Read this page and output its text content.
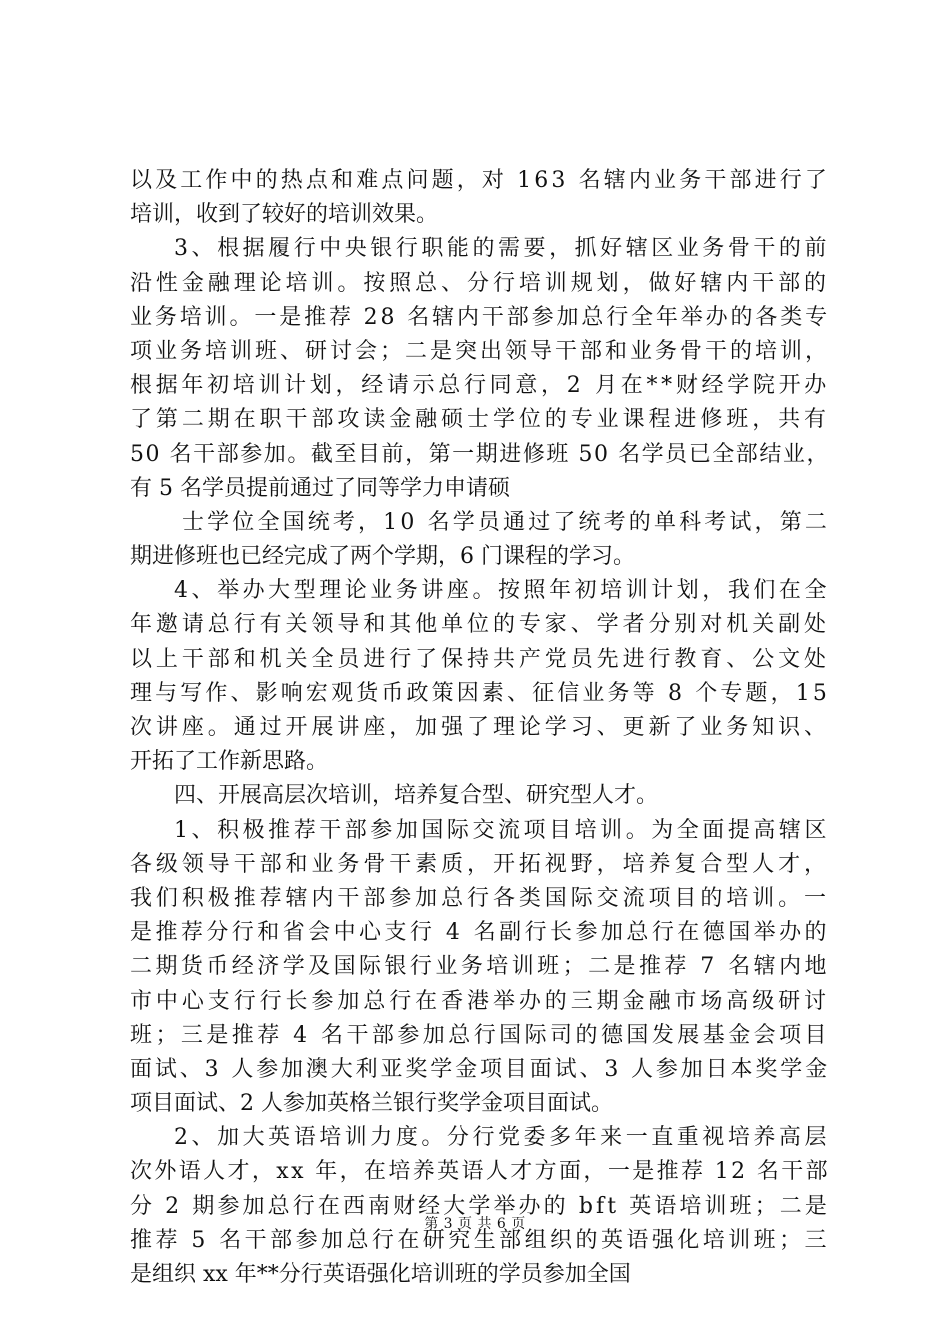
以及工作中的热点和难点问题，对 163 名辖内业务干部进行了
培训，收到了较好的培训效果。
3、根据履行中央银行职能的需要，抓好辖区业务骨干的前
沿性金融理论培训。按照总、分行培训规划，做好辖内干部的
业务培训。一是推荐 28 名辖内干部参加总行全年举办的各类专
项业务培训班、研讨会；二是突出领导干部和业务骨干的培训，
根据年初培训计划，经请示总行同意，2 月在**财经学院开办
了第二期在职干部攻读金融硕士学位的专业课程进修班，共有
50 名干部参加。截至目前，第一期进修班 50 名学员已全部结业，
有 5 名学员提前通过了同等学力申请硕
士学位全国统考，10 名学员通过了统考的单科考试，第二
期进修班也已经完成了两个学期，6 门课程的学习。
4、举办大型理论业务讲座。按照年初培训计划，我们在全
年邀请总行有关领导和其他单位的专家、学者分别对机关副处
以上干部和机关全员进行了保持共产党员先进行教育、公文处
理与写作、影响宏观货币政策因素、征信业务等 8 个专题，15
次讲座。通过开展讲座，加强了理论学习、更新了业务知识、
开拓了工作新思路。
四、开展高层次培训，培养复合型、研究型人才。
1、积极推荐干部参加国际交流项目培训。为全面提高辖区
各级领导干部和业务骨干素质，开拓视野，培养复合型人才，
我们积极推荐辖内干部参加总行各类国际交流项目的培训。一
是推荐分行和省会中心支行 4 名副行长参加总行在德国举办的
二期货币经济学及国际银行业务培训班；二是推荐 7 名辖内地
市中心支行行长参加总行在香港举办的三期金融市场高级研讨
班；三是推荐 4 名干部参加总行国际司的德国发展基金会项目
面试、3 人参加澳大利亚奖学金项目面试、3 人参加日本奖学金
项目面试、2 人参加英格兰银行奖学金项目面试。
2、加大英语培训力度。分行党委多年来一直重视培养高层
次外语人才，xx 年，在培养英语人才方面，一是推荐 12 名干部
分 2 期参加总行在西南财经大学举办的 bft 英语培训班；二是
推荐 5 名干部参加总行在研究生部组织的英语强化培训班；三
是组织 xx 年**分行英语强化培训班的学员参加全国
第 3 页 共 6 页
